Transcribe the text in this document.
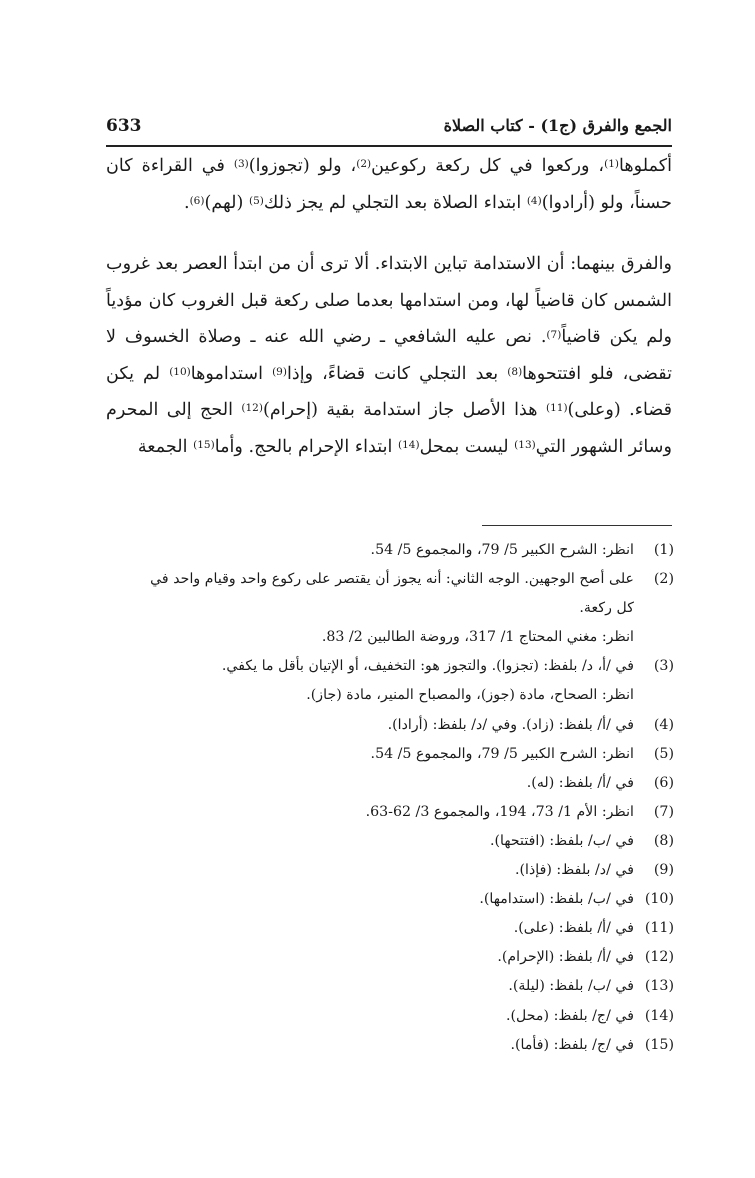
633	الجمع والفرق (ج1) - كتاب الصلاة

أكملوها$^{(1)}$، وركعوا في كل ركعة ركوعين$^{(2)}$، ولو (تجوزوا)$^{(3)}$ في القراءة كان حسناً، ولو (أرادوا)$^{(4)}$ ابتداء الصلاة بعد التجلي لم يجز ذلك$^{(5)}$ (لهم)$^{(6)}$.

والفرق بينهما: أن الاستدامة تباين الابتداء. ألا ترى أن من ابتدأ العصر بعد غروب الشمس كان قاضياً لها، ومن استدامها بعدما صلى ركعة قبل الغروب كان مؤدياً ولم يكن قاضياً$^{(7)}$. نص عليه الشافعي ـ رضي الله عنه ـ وصلاة الخسوف لا تقضى، فلو افتتحوها$^{(8)}$ بعد التجلي كانت قضاءً، وإذا$^{(9)}$ استداموها$^{(10)}$ لم يكن قضاء. (وعلى)$^{(11)}$ هذا الأصل جاز استدامة بقية (إحرام)$^{(12)}$ الحج إلى المحرم وسائر الشهور التي$^{(13)}$ ليست بمحل$^{(14)}$ ابتداء الإحرام بالحج. وأما$^{(15)}$ الجمعة

(1)
انظر: الشرح الكبير 5/ 79، والمجموع 5/ 54.
(2)
على أصح الوجهين. الوجه الثاني: أنه يجوز أن يقتصر على ركوع واحد وقيام واحد في
كل ركعة.
انظر: مغني المحتاج 1/ 317، وروضة الطالبين 2/ 83.
(3)
في /أ، د/ بلفظ: (تجزوا). والتجوز هو: التخفيف، أو الإتيان بأقل ما يكفي.
انظر: الصحاح، مادة (جوز)، والمصباح المنير، مادة (جاز).
(4)
في /أ/ بلفظ: (زاد). وفي /د/ بلفظ: (أرادا).
(5)
انظر: الشرح الكبير 5/ 79، والمجموع 5/ 54.
(6)
في /أ/ بلفظ: (له).
(7)
انظر: الأم 1/ 73، 194، والمجموع 3/ 62-63.
(8)
في /ب/ بلفظ: (افتتحها).
(9)
في /د/ بلفظ: (فإذا).
(10)
في /ب/ بلفظ: (استدامها).
(11)
في /أ/ بلفظ: (على).
(12)
في /أ/ بلفظ: (الإحرام).
(13)
في /ب/ بلفظ: (ليلة).
(14)
في /ج/ بلفظ: (محل).
(15)
في /ج/ بلفظ: (فأما).
